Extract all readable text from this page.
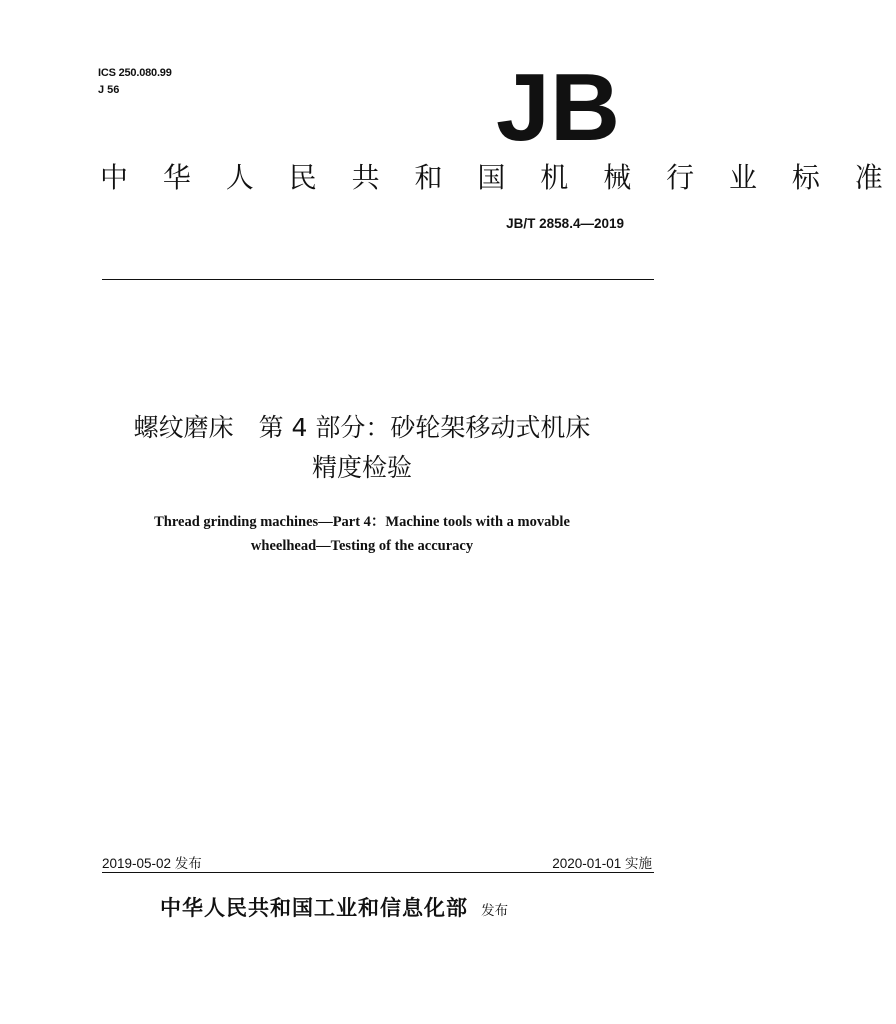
ICS 250.080.99
J 56	JB
中 华 人 民 共 和 国 机 械 行 业 标 准
JB/T 2858.4—2019
螺纹磨床　第 4 部分：砂轮架移动式机床
精度检验
Thread grinding machines—Part 4：Machine tools with a movable
wheelhead—Testing of the accuracy
2019-05-02 发布	2020-01-01 实施
中华人民共和国工业和信息化部 发布
